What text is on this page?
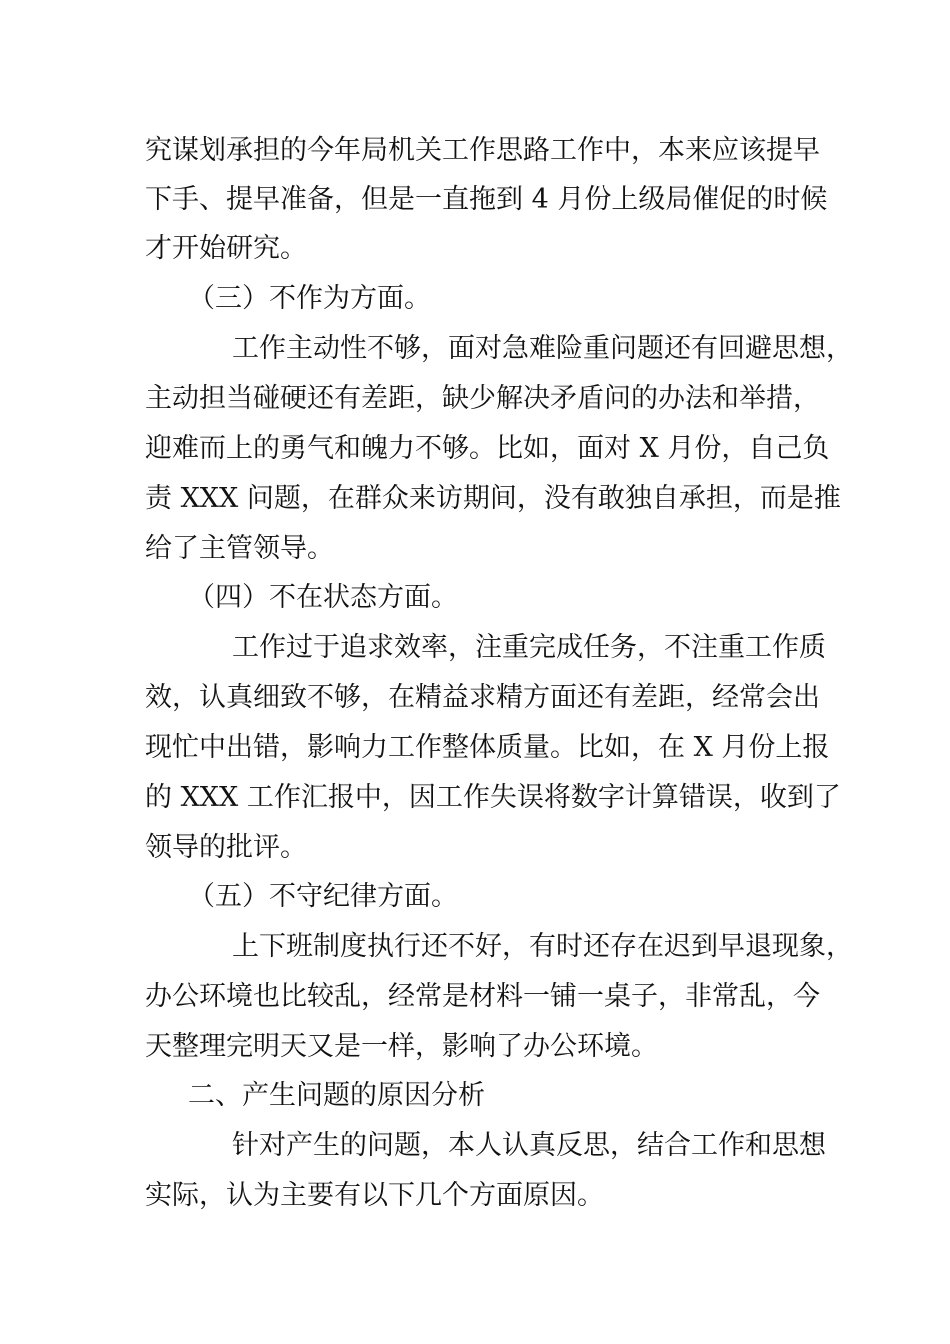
究谋划承担的今年局机关工作思路工作中，本来应该提早
下手、提早准备，但是一直拖到 4 月份上级局催促的时候
才开始研究。
（三）不作为方面。
工作主动性不够，面对急难险重问题还有回避思想，
主动担当碰硬还有差距，缺少解决矛盾问的办法和举措，
迎难而上的勇气和魄力不够。比如，面对 X 月份，自己负
责 XXX 问题，在群众来访期间，没有敢独自承担，而是推
给了主管领导。
（四）不在状态方面。
工作过于追求效率，注重完成任务，不注重工作质
效，认真细致不够，在精益求精方面还有差距，经常会出
现忙中出错，影响力工作整体质量。比如，在 X 月份上报
的 XXX 工作汇报中，因工作失误将数字计算错误，收到了
领导的批评。
（五）不守纪律方面。
上下班制度执行还不好，有时还存在迟到早退现象，
办公环境也比较乱，经常是材料一铺一桌子，非常乱，今
天整理完明天又是一样，影响了办公环境。
二、产生问题的原因分析
针对产生的问题，本人认真反思，结合工作和思想
实际，认为主要有以下几个方面原因。
